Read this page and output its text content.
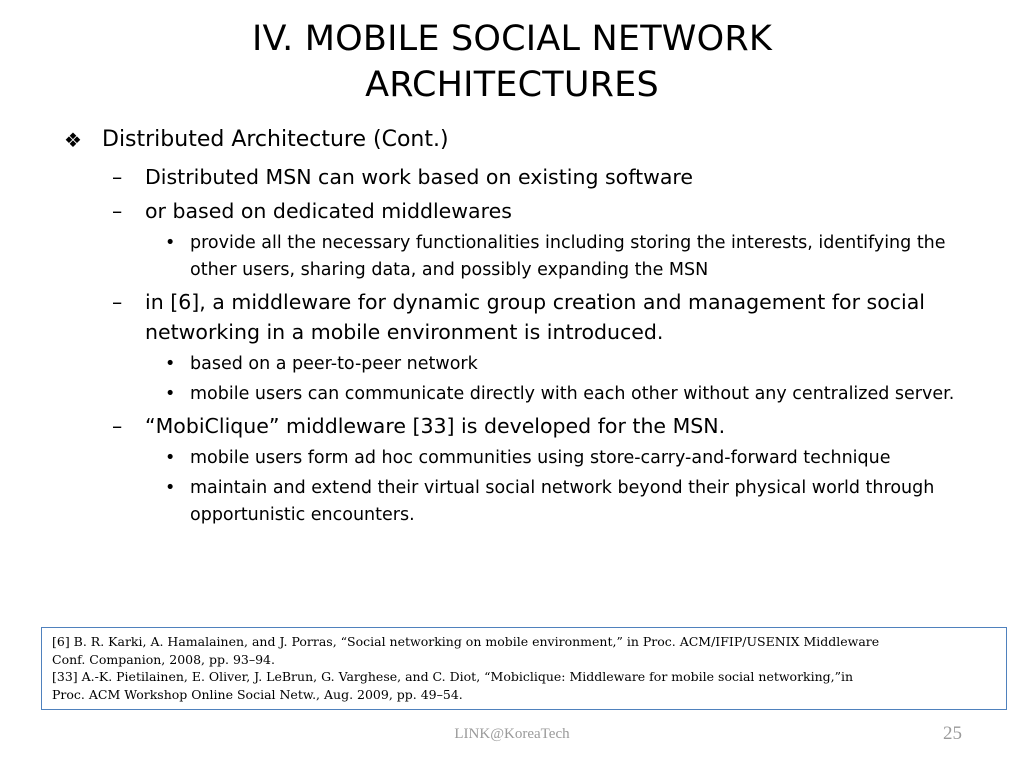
IV. MOBILE SOCIAL NETWORK
ARCHITECTURES
❖ Distributed Architecture (Cont.)
–	Distributed MSN can work based on existing software
–	or based on dedicated middlewares
• provide all the necessary functionalities including storing the interests, identifying the other users, sharing data, and possibly expanding the MSN
–	in [6], a middleware for dynamic group creation and management for social networking in a mobile environment is introduced.
• based on a peer-to-peer network
• mobile users can communicate directly with each other without any centralized server.
–	“MobiClique” middleware [33] is developed for the MSN.
• mobile users form ad hoc communities using store-carry-and-forward technique
• maintain and extend their virtual social network beyond their physical world through opportunistic encounters.
[6] B. R. Karki, A. Hamalainen, and J. Porras, “Social networking on mobile environment,” in Proc. ACM/IFIP/USENIX Middleware
Conf. Companion, 2008, pp. 93–94.
[33] A.-K. Pietilainen, E. Oliver, J. LeBrun, G. Varghese, and C. Diot, “Mobiclique: Middleware for mobile social networking,”in
Proc. ACM Workshop Online Social Netw., Aug. 2009, pp. 49–54.
LINK@KoreaTech	25
